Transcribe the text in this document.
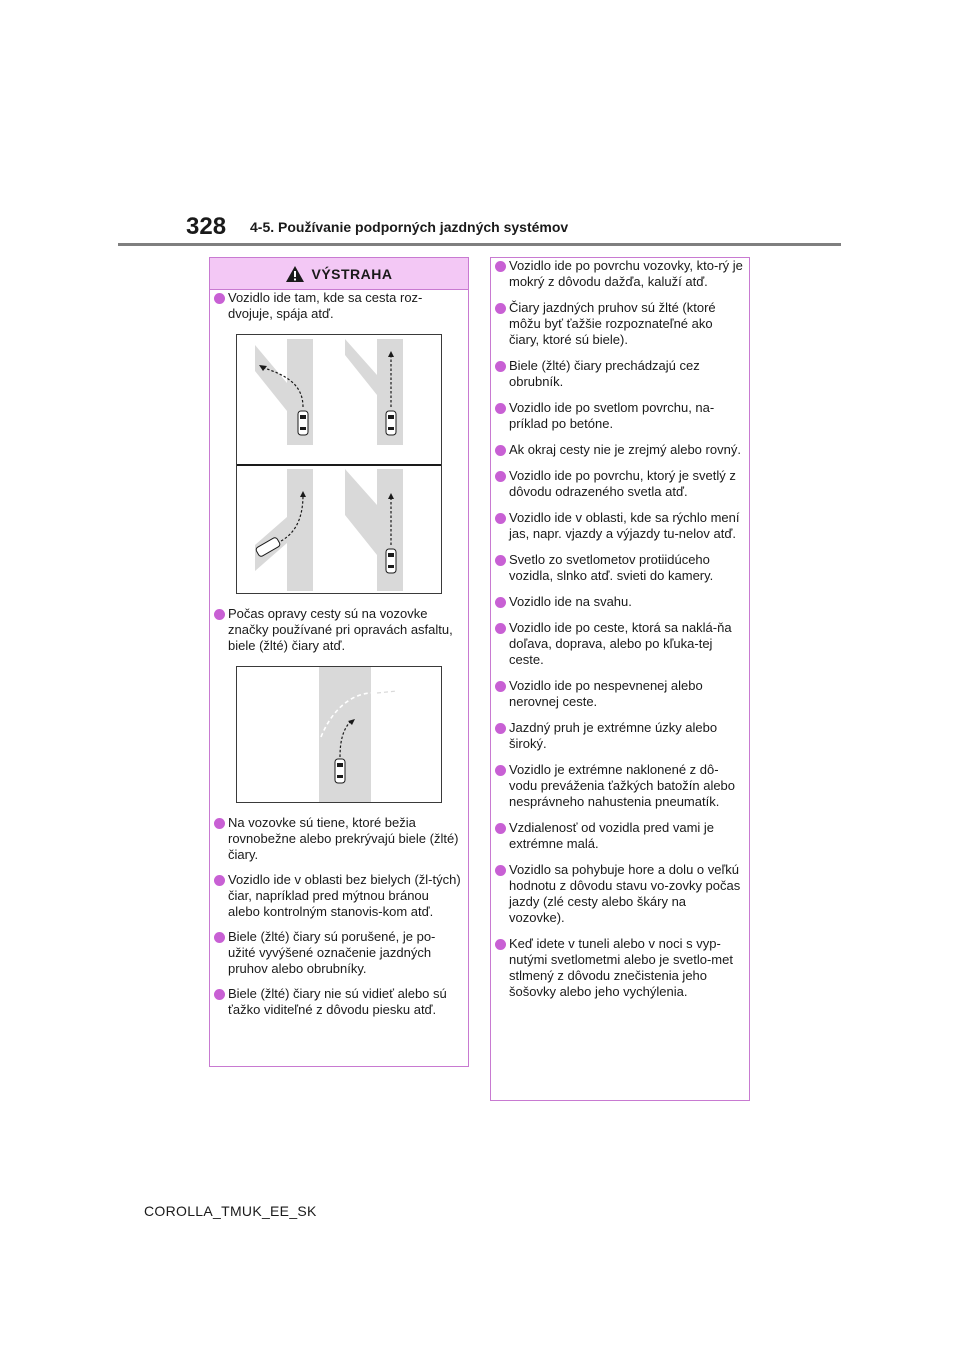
328 4-5. Používanie podporných jazdných systémov
VÝSTRAHA
Vozidlo ide tam, kde sa cesta roz-dvojuje, spája atď.
Počas opravy cesty sú na vozovke značky používané pri opravách asfaltu, biele (žlté) čiary atď.
Na vozovke sú tiene, ktoré bežia rovnobežne alebo prekrývajú biele (žlté) čiary.
Vozidlo ide v oblasti bez bielych (žl-tých) čiar, napríklad pred mýtnou bránou alebo kontrolným stanovis-kom atď.
Biele (žlté) čiary sú porušené, je po-užité vyvýšené označenie jazdných pruhov alebo obrubníky.
Biele (žlté) čiary nie sú vidieť alebo sú ťažko viditeľné z dôvodu piesku atď.
Vozidlo ide po povrchu vozovky, kto-rý je mokrý z dôvodu dažďa, kaluží atď.
Čiary jazdných pruhov sú žlté (ktoré môžu byť ťažšie rozpoznateľné ako čiary, ktoré sú biele).
Biele (žlté) čiary prechádzajú cez obrubník.
Vozidlo ide po svetlom povrchu, na-príklad po betóne.
Ak okraj cesty nie je zrejmý alebo rovný.
Vozidlo ide po povrchu, ktorý je svetlý z dôvodu odrazeného svetla atď.
Vozidlo ide v oblasti, kde sa rýchlo mení jas, napr. vjazdy a výjazdy tu-nelov atď.
Svetlo zo svetlometov protiidúceho vozidla, slnko atď. svieti do kamery.
Vozidlo ide na svahu.
Vozidlo ide po ceste, ktorá sa naklá-ňa doľava, doprava, alebo po kľuka-tej ceste.
Vozidlo ide po nespevnenej alebo nerovnej ceste.
Jazdný pruh je extrémne úzky alebo široký.
Vozidlo je extrémne naklonené z dô-vodu preváženia ťažkých batožín alebo nesprávneho nahustenia pneumatík.
Vzdialenosť od vozidla pred vami je extrémne malá.
Vozidlo sa pohybuje hore a dolu o veľkú hodnotu z dôvodu stavu vo-zovky počas jazdy (zlé cesty alebo škáry na vozovke).
Keď idete v tuneli alebo v noci s vyp-nutými svetlometmi alebo je svetlo-met stlmený z dôvodu znečistenia jeho šošovky alebo jeho vychýlenia.
COROLLA_TMUK_EE_SK
